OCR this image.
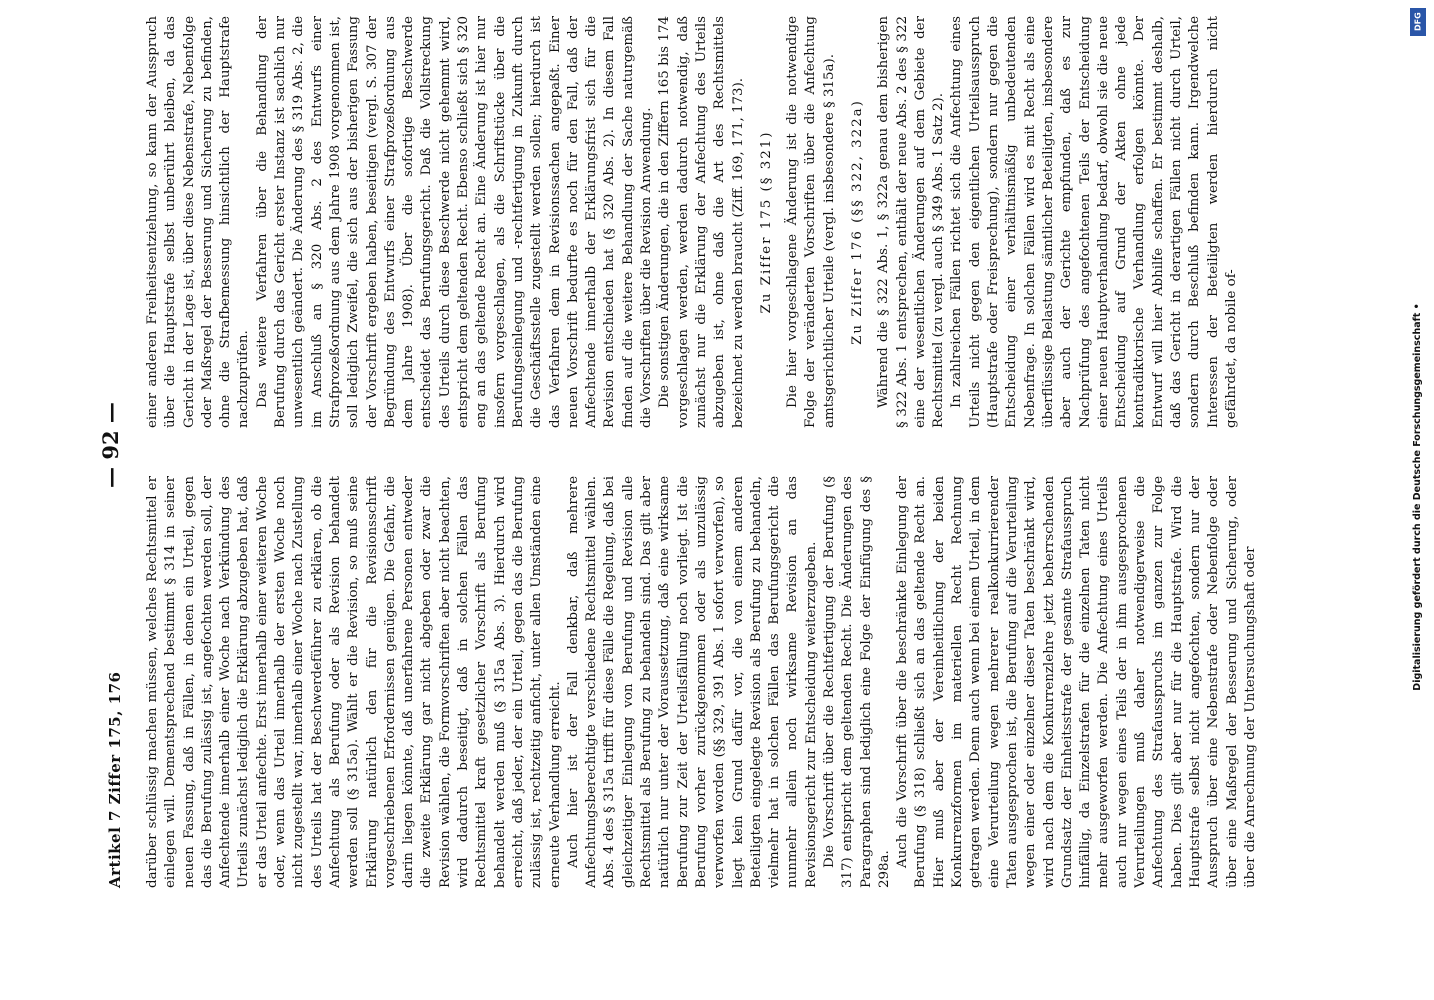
Artikel 7 Ziffer 175, 176
— 92 —

darüber schlüssig machen müssen, welches Rechtsmittel er einlegen will. Dementsprechend bestimmt § 314 in seiner neuen Fassung, daß in Fällen, in denen ein Urteil, gegen das die Berufung zulässig ist, angefochten werden soll, der Anfechtende innerhalb einer Woche nach Verkündung des Urteils zunächst lediglich die Erklärung abzugeben hat, daß er das Urteil anfechte. Erst innerhalb einer weiteren Woche oder, wenn das Urteil innerhalb der ersten Woche noch nicht zugestellt war, innerhalb einer Woche nach Zustellung des Urteils hat der Beschwerdeführer zu erklären, ob die Anfechtung als Berufung oder als Revision behandelt werden soll (§ 315a). Wählt er die Revision, so muß seine Erklärung natürlich den für die Revisionsschrift vorgeschriebenen Erfordernissen genügen. Die Gefahr, die darin liegen könnte, daß unerfahrene Personen entweder die zweite Erklärung gar nicht abgeben oder zwar die Revision wählen, die Formvorschriften aber nicht beachten, wird dadurch beseitigt, daß in solchen Fällen das Rechtsmittel kraft gesetzlicher Vorschrift als Berufung behandelt werden muß (§ 315a Abs. 3). Hierdurch wird erreicht, daß jeder, der ein Urteil, gegen das die Berufung zulässig ist, rechtzeitig anficht, unter allen Umständen eine erneute Verhandlung erreicht. Auch hier ist der Fall denkbar, daß mehrere Anfechtungsberechtigte verschiedene Rechtsmittel wählen. Abs. 4 des § 315a trifft für diese Fälle die Regelung, daß bei gleichzeitiger Einlegung von Berufung und Revision alle Rechtsmittel als Berufung zu behandeln sind. Das gilt aber natürlich nur unter der Voraussetzung, daß eine wirksame Berufung zur Zeit der Urteilsfällung noch vorliegt. Ist die Berufung vorher zurückgenommen oder als unzulässig verworfen worden (§§ 329, 391 Abs. 1 sofort verworfen), so liegt kein Grund dafür vor, die von einem anderen Beteiligten eingelegte Revision als Berufung zu behandeln, vielmehr hat in solchen Fällen das Berufungsgericht die nunmehr allein noch wirksame Revision an das Revisionsgericht zur Entscheidung weiterzugeben. Die Vorschrift über die Rechtfertigung der Berufung (§ 317) entspricht dem geltenden Recht. Die Änderungen des Paragraphen sind lediglich eine Folge der Einfügung des § 298a.

Auch die Vorschrift über die beschränkte Einlegung der Berufung (§ 318) schließt sich an das geltende Recht an. Hier muß aber der Vereinheitlichung der beiden Konkurrenzformen im materiellen Recht Rechnung getragen werden. Denn auch wenn bei einem Urteil, in dem eine Verurteilung wegen mehrerer realkonkurrierender Taten ausgesprochen ist, die Berufung auf die Verurteilung wegen einer oder einzelner dieser Taten beschränkt wird, wird nach dem die Konkurrenzlehre jetzt beherrschenden Grundsatz der Einheitsstrafe der gesamte Strafausspruch hinfällig, da Einzelstrafen für die einzelnen Taten nicht mehr ausgeworfen werden. Die Anfechtung eines Urteils auch nur wegen eines Teils der in ihm ausgesprochenen Verurteilungen muß daher notwendigerweise die Anfechtung des Strafausspruchs im ganzen zur Folge haben. Dies gilt aber nur für die Hauptstrafe. Wird die Hauptstrafe selbst nicht angefochten, sondern nur der Ausspruch über eine Nebenstrafe oder Nebenfolge oder über eine Maßregel der Besserung und Sicherung, oder über die Anrechnung der Untersuchungshaft oder

einer anderen Freiheitsentziehung, so kann der Ausspruch über die Hauptstrafe selbst unberührt bleiben, da das Gericht in der Lage ist, über diese Nebenstrafe, Nebenfolge oder Maßregel der Besserung und Sicherung zu befinden, ohne die Strafbemessung hinsichtlich der Hauptstrafe nachzuprüfen. Das weitere Verfahren über die Behandlung der Berufung durch das Gericht erster Instanz ist sachlich nur unwesentlich geändert. Die Änderung des § 319 Abs. 2, die im Anschluß an § 320 Abs. 2 des Entwurfs einer Strafprozeßordnung aus dem Jahre 1908 vorgenommen ist, soll lediglich Zweifel, die sich aus der bisherigen Fassung der Vorschrift ergeben haben, beseitigen (vergl. S. 307 der Begründung des Entwurfs einer Strafprozeßordnung aus dem Jahre 1908). Über die sofortige Beschwerde entscheidet das Berufungsgericht. Daß die Vollstreckung des Urteils durch diese Beschwerde nicht gehemmt wird, entspricht dem geltenden Recht. Ebenso schließt sich § 320 eng an das geltende Recht an. Eine Änderung ist hier nur insofern vorgeschlagen, als die Schriftstücke über die Berufungseinlegung und -rechtfertigung in Zukunft durch die Geschäftsstelle zugestellt werden sollen; hierdurch ist das Verfahren dem in Revisionssachen angepaßt. Einer neuen Vorschrift bedurfte es noch für den Fall, daß der Anfechtende innerhalb der Erklärungsfrist sich für die Revision entschieden hat (§ 320 Abs. 2). In diesem Fall finden auf die weitere Behandlung der Sache naturgemäß die Vorschriften über die Revision Anwendung. Die sonstigen Änderungen, die in den Ziffern 165 bis 174 vorgeschlagen werden, werden dadurch notwendig, daß zunächst nur die Erklärung der Anfechtung des Urteils abzugeben ist, ohne daß die Art des Rechtsmittels bezeichnet zu werden braucht (Ziff. 169, 171, 173). Zu Ziffer 175 (§ 321) Die hier vorgeschlagene Änderung ist die notwendige Folge der veränderten Vorschriften über die Anfechtung amtsgerichtlicher Urteile (vergl. insbesondere § 315a). Zu Ziffer 176 (§§ 322, 322a) Während die § 322 Abs. 1, § 322a genau dem bisherigen § 322 Abs. 1 entsprechen, enthält der neue Abs. 2 des § 322 eine der wesentlichen Änderungen auf dem Gebiete der Rechtsmittel (zu vergl. auch § 349 Abs. 1 Satz 2). In zahlreichen Fällen richtet sich die Anfechtung eines Urteils nicht gegen den eigentlichen Urteilsausspruch (Hauptstrafe oder Freisprechung), sondern nur gegen die Entscheidung einer verhältnismäßig unbedeutenden Nebenfrage. In solchen Fällen wird es mit Recht als eine überflüssige Belastung sämtlicher Beteiligten, insbesondere aber auch der Gerichte empfunden, daß es zur Nachprüfung des angefochtenen Teils der Entscheidung einer neuen Hauptverhandlung bedarf, obwohl sie die neue Entscheidung auf Grund der Akten ohne jede kontradiktorische Verhandlung erfolgen könnte. Der Entwurf will hier Abhilfe schaffen. Er bestimmt deshalb, daß das Gericht in derartigen Fällen nicht durch Urteil, sondern durch Beschluß befinden kann. Irgendwelche Interessen der Beteiligten werden hierdurch nicht gefährdet, da nobile of-	Digitalisierung gefördert durch die Deutsche Forschungsgemeinschaft •
DFG
